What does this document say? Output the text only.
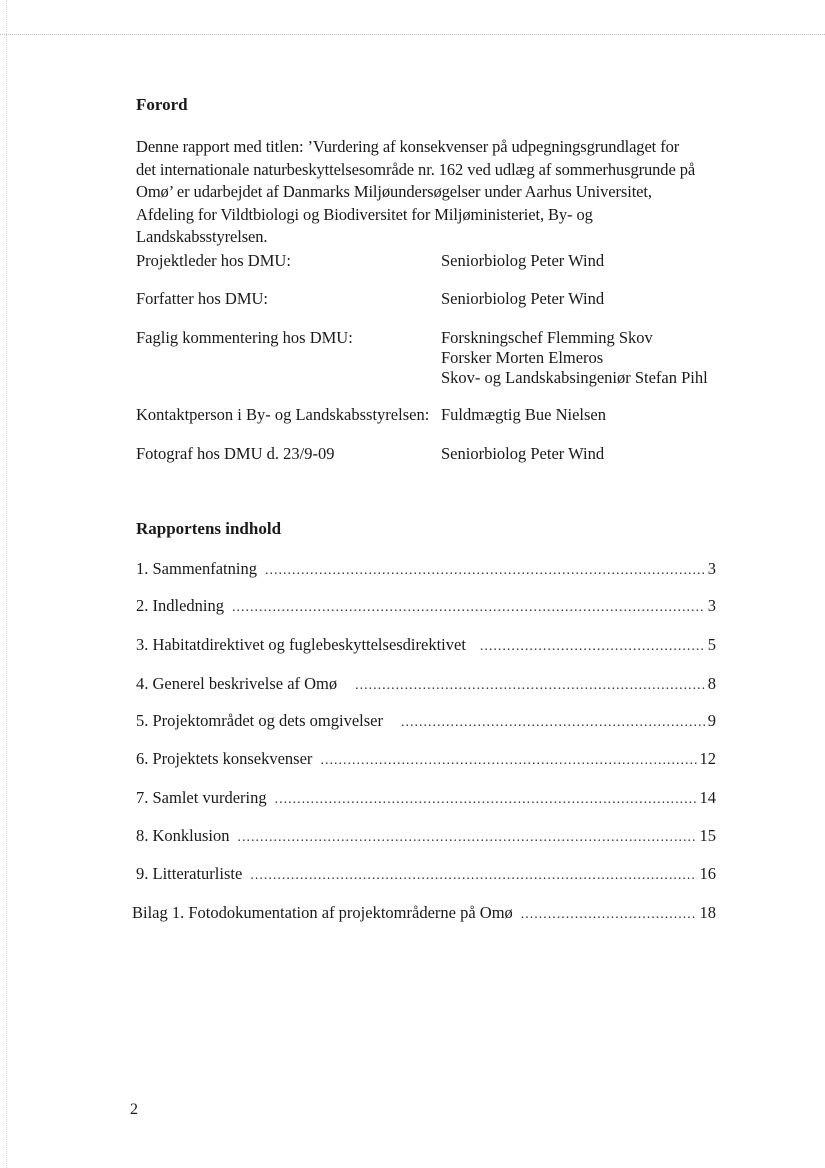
Forord
Denne rapport med titlen: ’Vurdering af konsekvenser på udpegningsgrundlaget for
det internationale naturbeskyttelsesområde nr. 162 ved udlæg af sommerhusgrunde på
Omø’ er udarbejdet af Danmarks Miljøundersøgelser under Aarhus Universitet,
Afdeling for Vildtbiologi og Biodiversitet for Miljøministeriet, By- og
Landskabsstyrelsen.
Projektleder hos DMU:	Seniorbiolog Peter Wind
Forfatter hos DMU:	Seniorbiolog Peter Wind
Faglig kommentering hos DMU:	Forskningschef Flemming Skov
Forsker Morten Elmeros
Skov- og Landskabsingeniør Stefan Pihl
Kontaktperson i By- og Landskabsstyrelsen: Fuldmægtig Bue Nielsen
Fotograf hos DMU d. 23/9-09	Seniorbiolog Peter Wind
Rapportens indhold
1. Sammenfatning .....	3
2. Indledning .....	3
3. Habitatdirektivet og fuglebeskyttelsesdirektivet .....	5
4. Generel beskrivelse af Omø .....	8
5. Projektområdet og dets omgivelser .....	9
6. Projektets konsekvenser .....	12
7. Samlet vurdering .....	14
8. Konklusion .....	15
9. Litteraturliste .....	16
Bilag 1. Fotodokumentation af projektområderne på Omø .....	18
2
